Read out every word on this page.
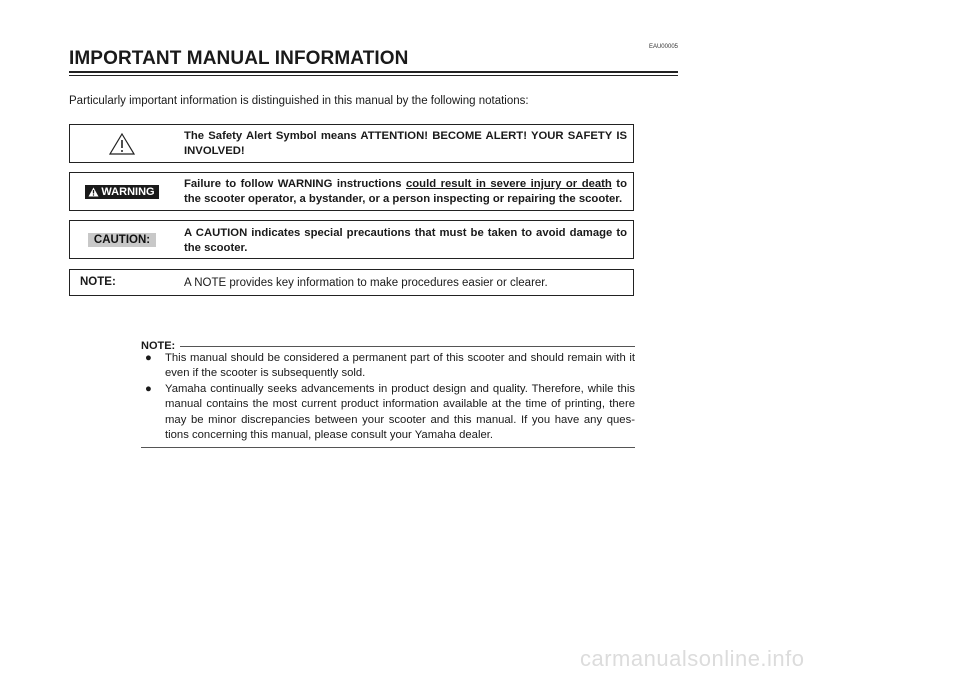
EAU00005
IMPORTANT MANUAL INFORMATION
Particularly important information is distinguished in this manual by the following notations:
The Safety Alert Symbol means ATTENTION! BECOME ALERT! YOUR SAFETY IS INVOLVED!
WARNING
Failure to follow WARNING instructions could result in severe injury or death to the scooter operator, a bystander, or a person inspecting or repairing the scooter.
CAUTION:
A CAUTION indicates special precautions that must be taken to avoid damage to the scooter.
NOTE:	A NOTE provides key information to make procedures easier or clearer.
NOTE:
● This manual should be considered a permanent part of this scooter and should remain with it even if the scooter is subsequently sold.
● Yamaha continually seeks advancements in product design and quality. Therefore, while this manual contains the most current product information available at the time of printing, there may be minor discrepancies between your scooter and this manual. If you have any ques-tions concerning this manual, please consult your Yamaha dealer.
carmanualsonline.info
